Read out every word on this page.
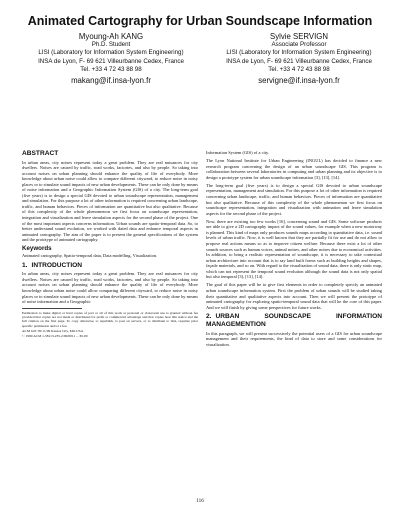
Animated Cartography for Urban Soundscape Information
Myoung-Ah KANG
Ph.D. Student
LISI (Laboratory for Information System Engineering)
INSA de Lyon, F- 69 621 Villeurbanne Cedex, France
Tel. +33 4 72 43 88 98
makang@if.insa-lyon.fr
Sylvie SERVIGN
Associate Professor
LISI (Laboratory for Information System Engineering)
INSA de Lyon, F- 69 621 Villeurbanne Cedex, France
Tel. +33 4 72 43 88 98
servigne@if.insa-lyon.fr
ABSTRACT

In urban areas, city noises represent today a great problem. They are real nuisances for city dwellers. Noises are caused by traffic, road works, factories, and also by people. So taking into account noises on urban planning should enhance the quality of life of everybody. More knowledge about urban noise could allow to compare different cityward, to reduce noise in noisy places or to simulate sound impacts of new urban developments. These can be only done by means of noise information and a Geographic Information System (GIS) of a city. The long-term goal (five years) is to design a special GIS devoted to urban soundscape representation, management and simulation. For this purpose a lot of other information is required concerning urban landscape, traffic, and human behaviors. Pieces of information are quantitative but also qualitative. Because of this complexity of the whole phenomenon we first focus on soundscape representation, integration and visualization and leave simulation aspects for the second phase of the project. One of the most important aspects concerns information. Urban sounds are spatio-temporal data. So, to better understand sound evolution, we worked with dated data and enhance temporal aspects in animated cartography. The aim of the paper is to present the general specifications of the system and the prototype of animated cartography.

Keywords

Animated cartography, Spatio-temporal data, Data modelling, Visualization.

1. INTRODUCTION

In urban areas, city noises represent today a great problem. They are real nuisances for city dwellers. Noises are caused by traffic, road works, factories, and also by people. So taking into account noises on urban planning should enhance the quality of life of everybody. More knowledge about urban noise could allow comparing different cityward, to reduce noise in noisy places or to simulate sound impacts of new urban developments. These can be only done by means of noise information and a Geographic

Permission to make digital or hard copies of part or all of this work or personal or classroom use is granted without fee provided that copies are not made or distributed for profit or commercial advantage and that copies bear this notice and the full citation on the first page. To copy otherwise, to republish, to post on servers, or to distribute to lists, requires prior specific permission and/or a fee.

ACM GIS '99 11/99 Kansas City, MO USA

© 1999 ACM 1-58113-235-2/99/0011 ... $5.00

Information System (GIS) of a city.

The Lyon National Institute for Urban Engineering (INGUL) has decided to finance a new research program concerning the design of an urban soundscape GIS. This program is collaboration between several laboratories in computing and urban planning and its objective is to design a prototype system for urban soundscape information [3], [13], [14].

The long-term goal (five years) is to design a special GIS devoted to urban soundscape representation, management and simulation. For this purpose a lot of other information is required concerning urban landscape, traffic, and human behaviors. Pieces of information are quantitative but also qualitative. Because of this complexity of the whole phenomenon we first focus on soundscape representation, integration and visualization with animation and leave simulation aspects for the second phase of the project.

Now, there are existing too few works [16], concerning sound and GIS. Some software products are able to give a 2D cartography impact of the sound values, for example when a new motorway is planned. This kind of maps only produces sounds maps according to quantitative data, i.e. sound levels of urban traffic. Now, it is well known that they are partially fit for use and do not allow to propose real actions means so as to improve citizen welfare. Because there exist a lot of other sounds sources such as human voices, animal noises, and other noises due to economical activities. In addition, to bring a realistic representation of soundscape, it is necessary to take contextual urban architecture into account that is to say land built forms such as building heights and shapes, façade materials, and so on. With regard to the visualization of sound data, there is only static map, which can not represent the temporal sound evolution although the sound data is not only spatial but also temporal [3], [13], [14].

The goal of this paper will be to give first elements in order to completely specify an animated urban soundscape information system. First the problem of urban sounds will be studied taking their quantitative and qualitative aspects into account. Then we will present the prototype of animated cartography for exploring spatio-temporal sound data that will be the core of this paper. And we will finish by giving some perspectives for future works.

2. URBAN SOUNDSCAPE INFORMATION MANAGEMENTION

In this paragraph, we will present successively the potential users of a GIS for urban soundscape management and their requirements, the kind of data to store and some considerations for visualization.

116
